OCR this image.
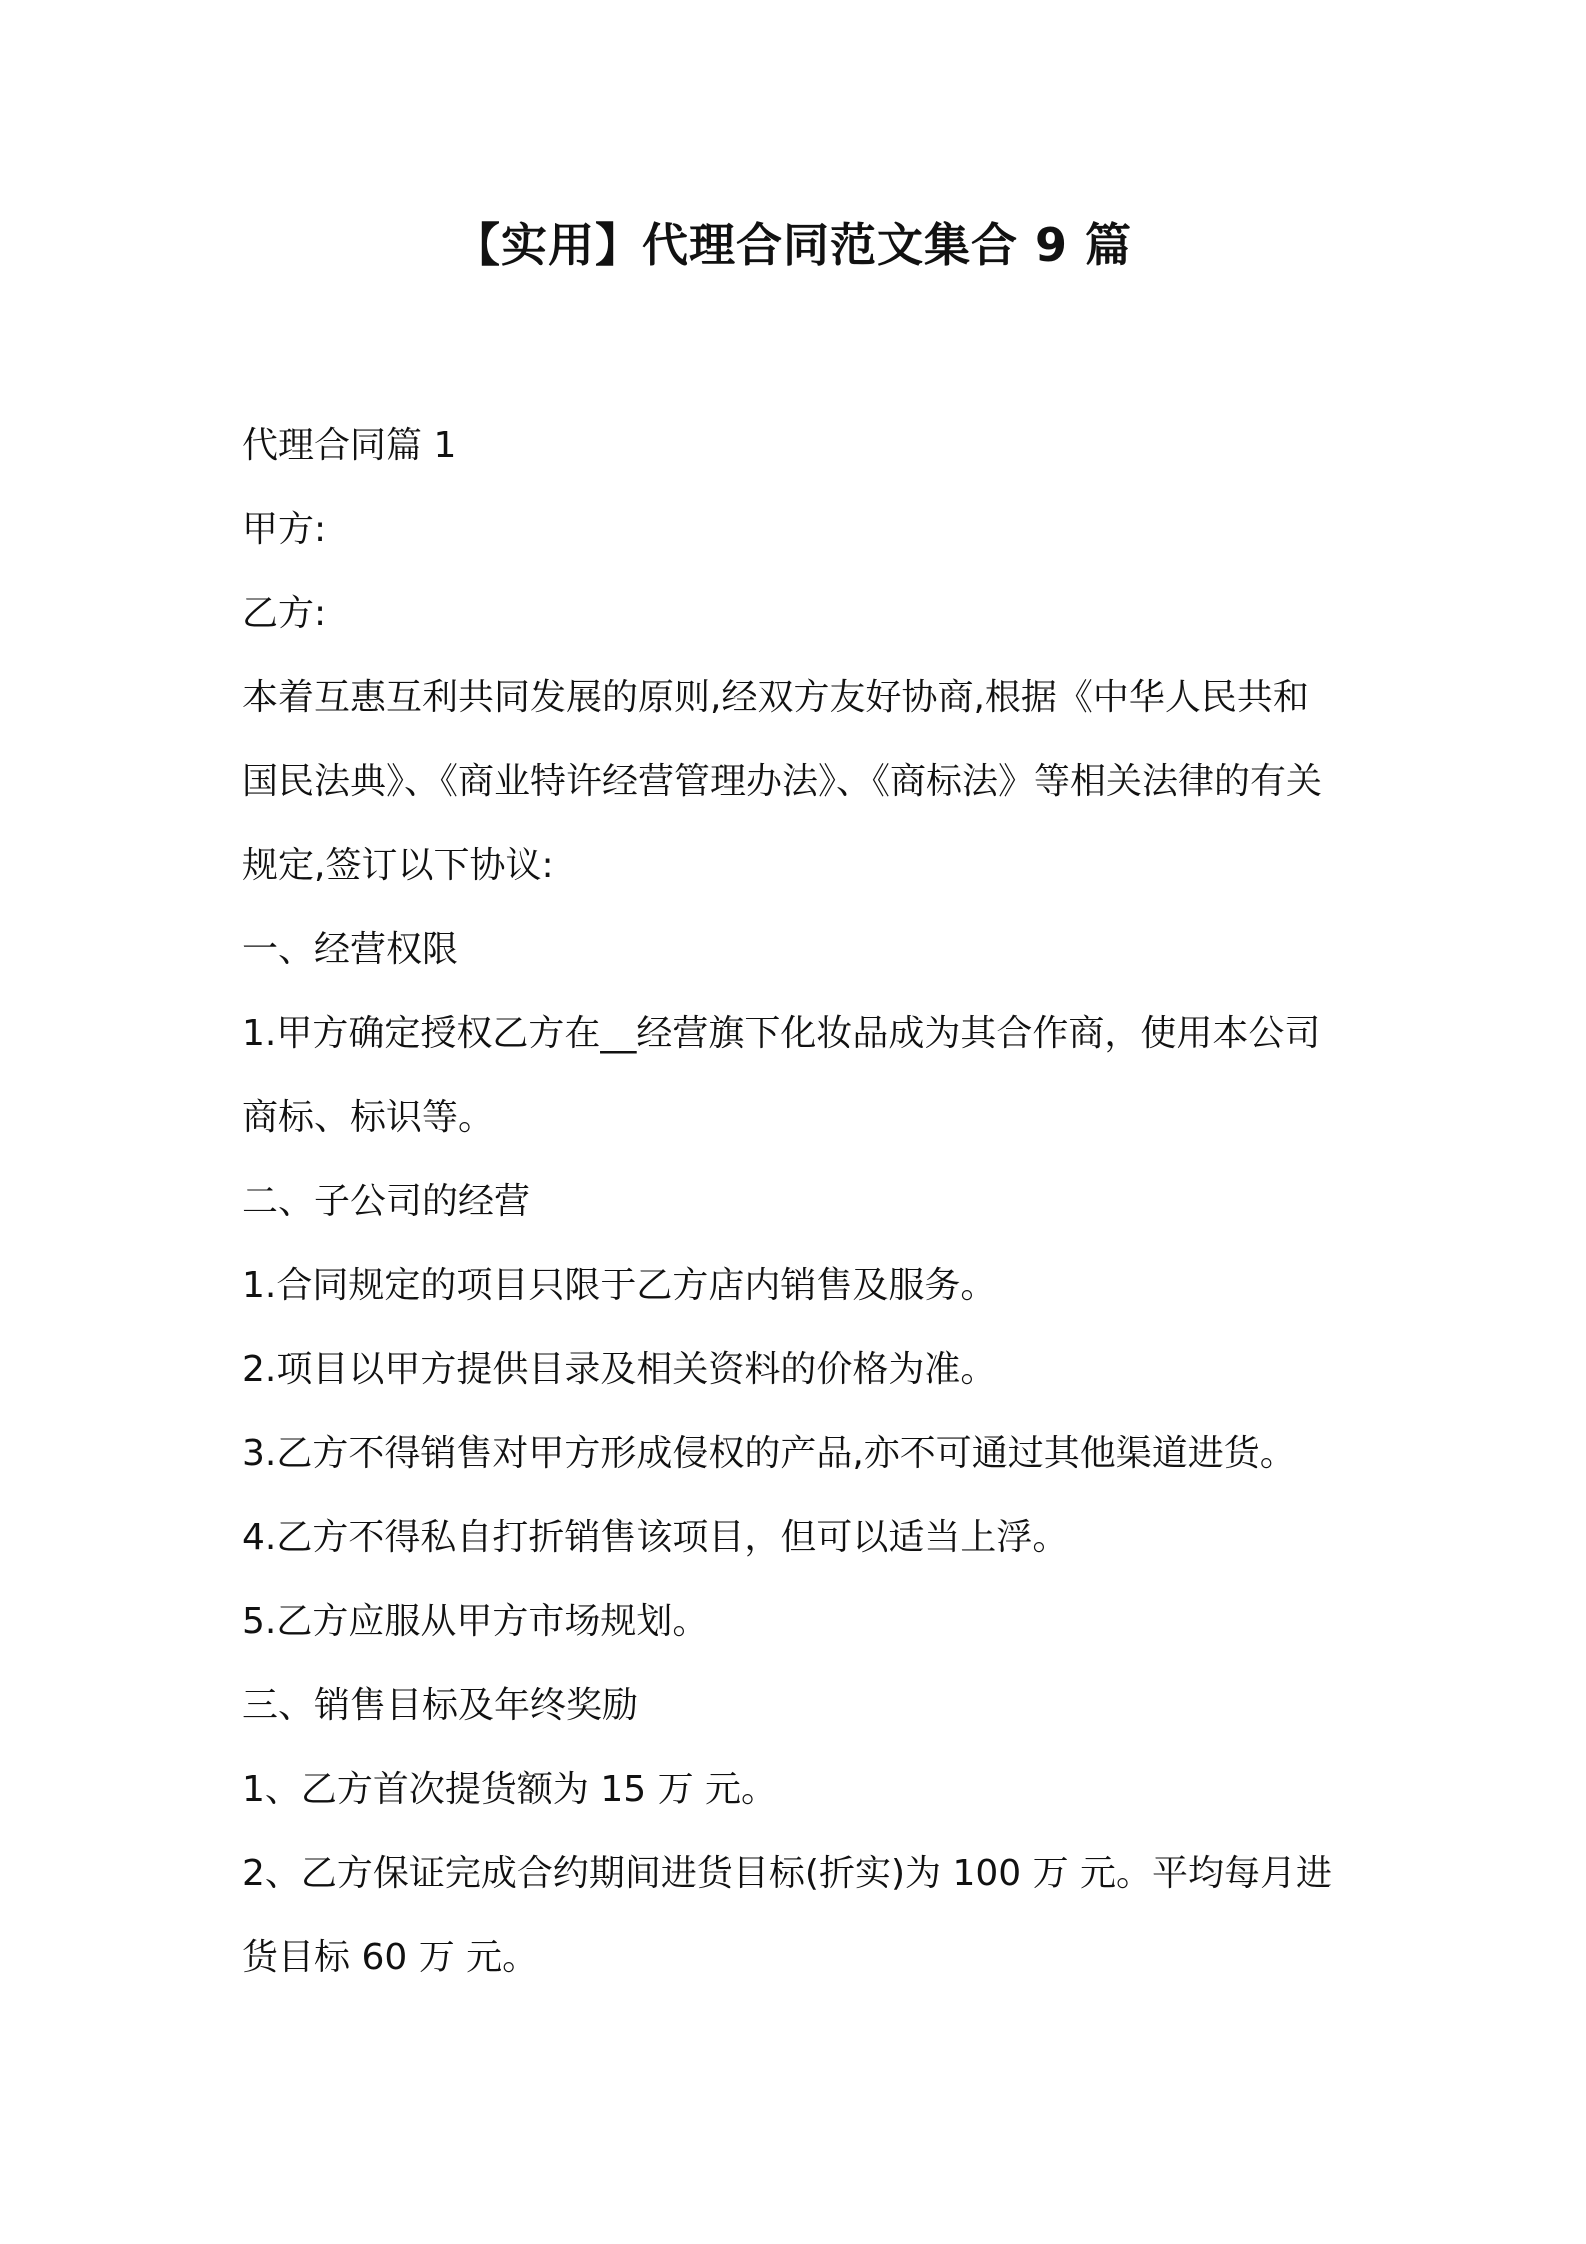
【实用】代理合同范文集合 9 篇
代理合同篇 1
甲方:
乙方:
本着互惠互利共同发展的原则,经双方友好协商,根据《中华人民共和
国民法典》、《商业特许经营管理办法》、《商标法》等相关法律的有关
规定,签订以下协议:
一、经营权限
1.甲方确定授权乙方在__经营旗下化妆品成为其合作商，使用本公司
商标、标识等。
二、子公司的经营
1.合同规定的项目只限于乙方店内销售及服务。
2.项目以甲方提供目录及相关资料的价格为准。
3.乙方不得销售对甲方形成侵权的产品,亦不可通过其他渠道进货。
4.乙方不得私自打折销售该项目，但可以适当上浮。
5.乙方应服从甲方市场规划。
三、销售目标及年终奖励
1、乙方首次提货额为 15 万 元。
2、乙方保证完成合约期间进货目标(折实)为 100 万 元。平均每月进
货目标 60 万 元。
